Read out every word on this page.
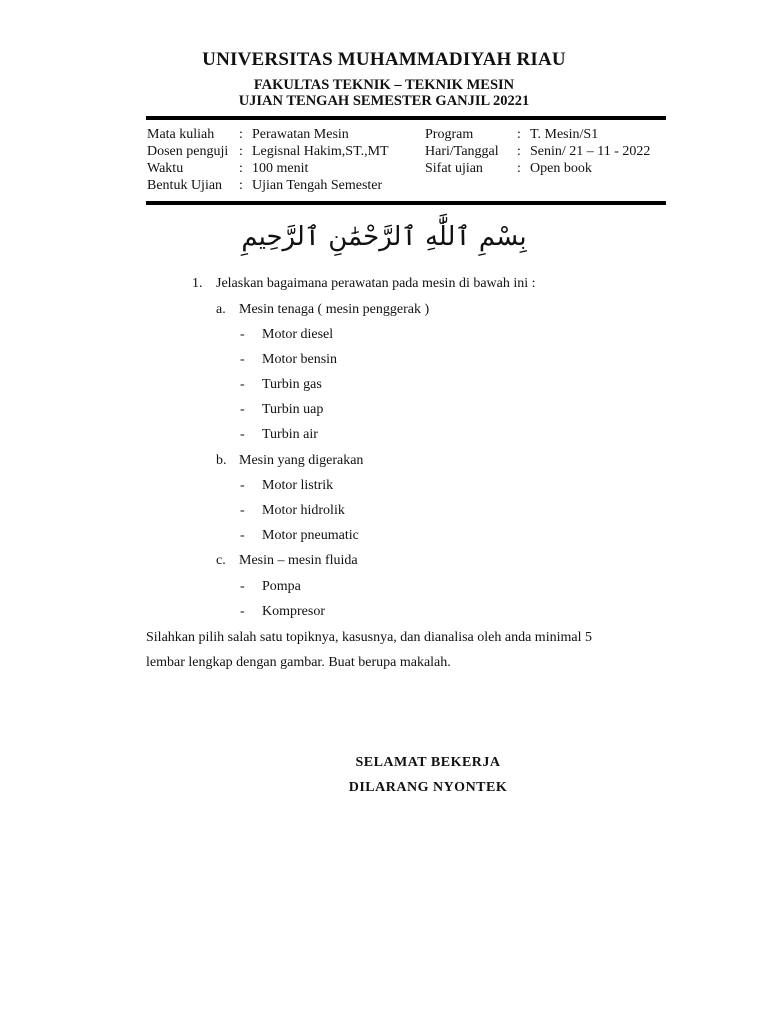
UNIVERSITAS MUHAMMADIYAH RIAU
FAKULTAS TEKNIK – TEKNIK MESIN
UJIAN TENGAH SEMESTER GANJIL 20221
Mata kuliah : Perawatan Mesin
Dosen penguji : Legisnal Hakim,ST.,MT
Waktu	: 100 menit
Bentuk Ujian : Ujian Tengah Semester
Program	: T. Mesin/S1
Hari/Tanggal : Senin/ 21 – 11 - 2022
Sifat ujian : Open book
بِسْمِ ٱللَّٰهِ ٱلرَّحْمَٰنِ ٱلرَّحِيمِ
1. Jelaskan bagaimana perawatan pada mesin di bawah ini :
a. Mesin tenaga ( mesin penggerak )
- Motor diesel
- Motor bensin
- Turbin gas
- Turbin uap
- Turbin air
b. Mesin yang digerakan
- Motor listrik
- Motor hidrolik
- Motor pneumatic
c. Mesin – mesin fluida
- Pompa
- Kompresor
Silahkan pilih salah satu topiknya, kasusnya, dan dianalisa oleh anda minimal 5
lembar lengkap dengan gambar. Buat berupa makalah.
SELAMAT BEKERJA
DILARANG NYONTEK
